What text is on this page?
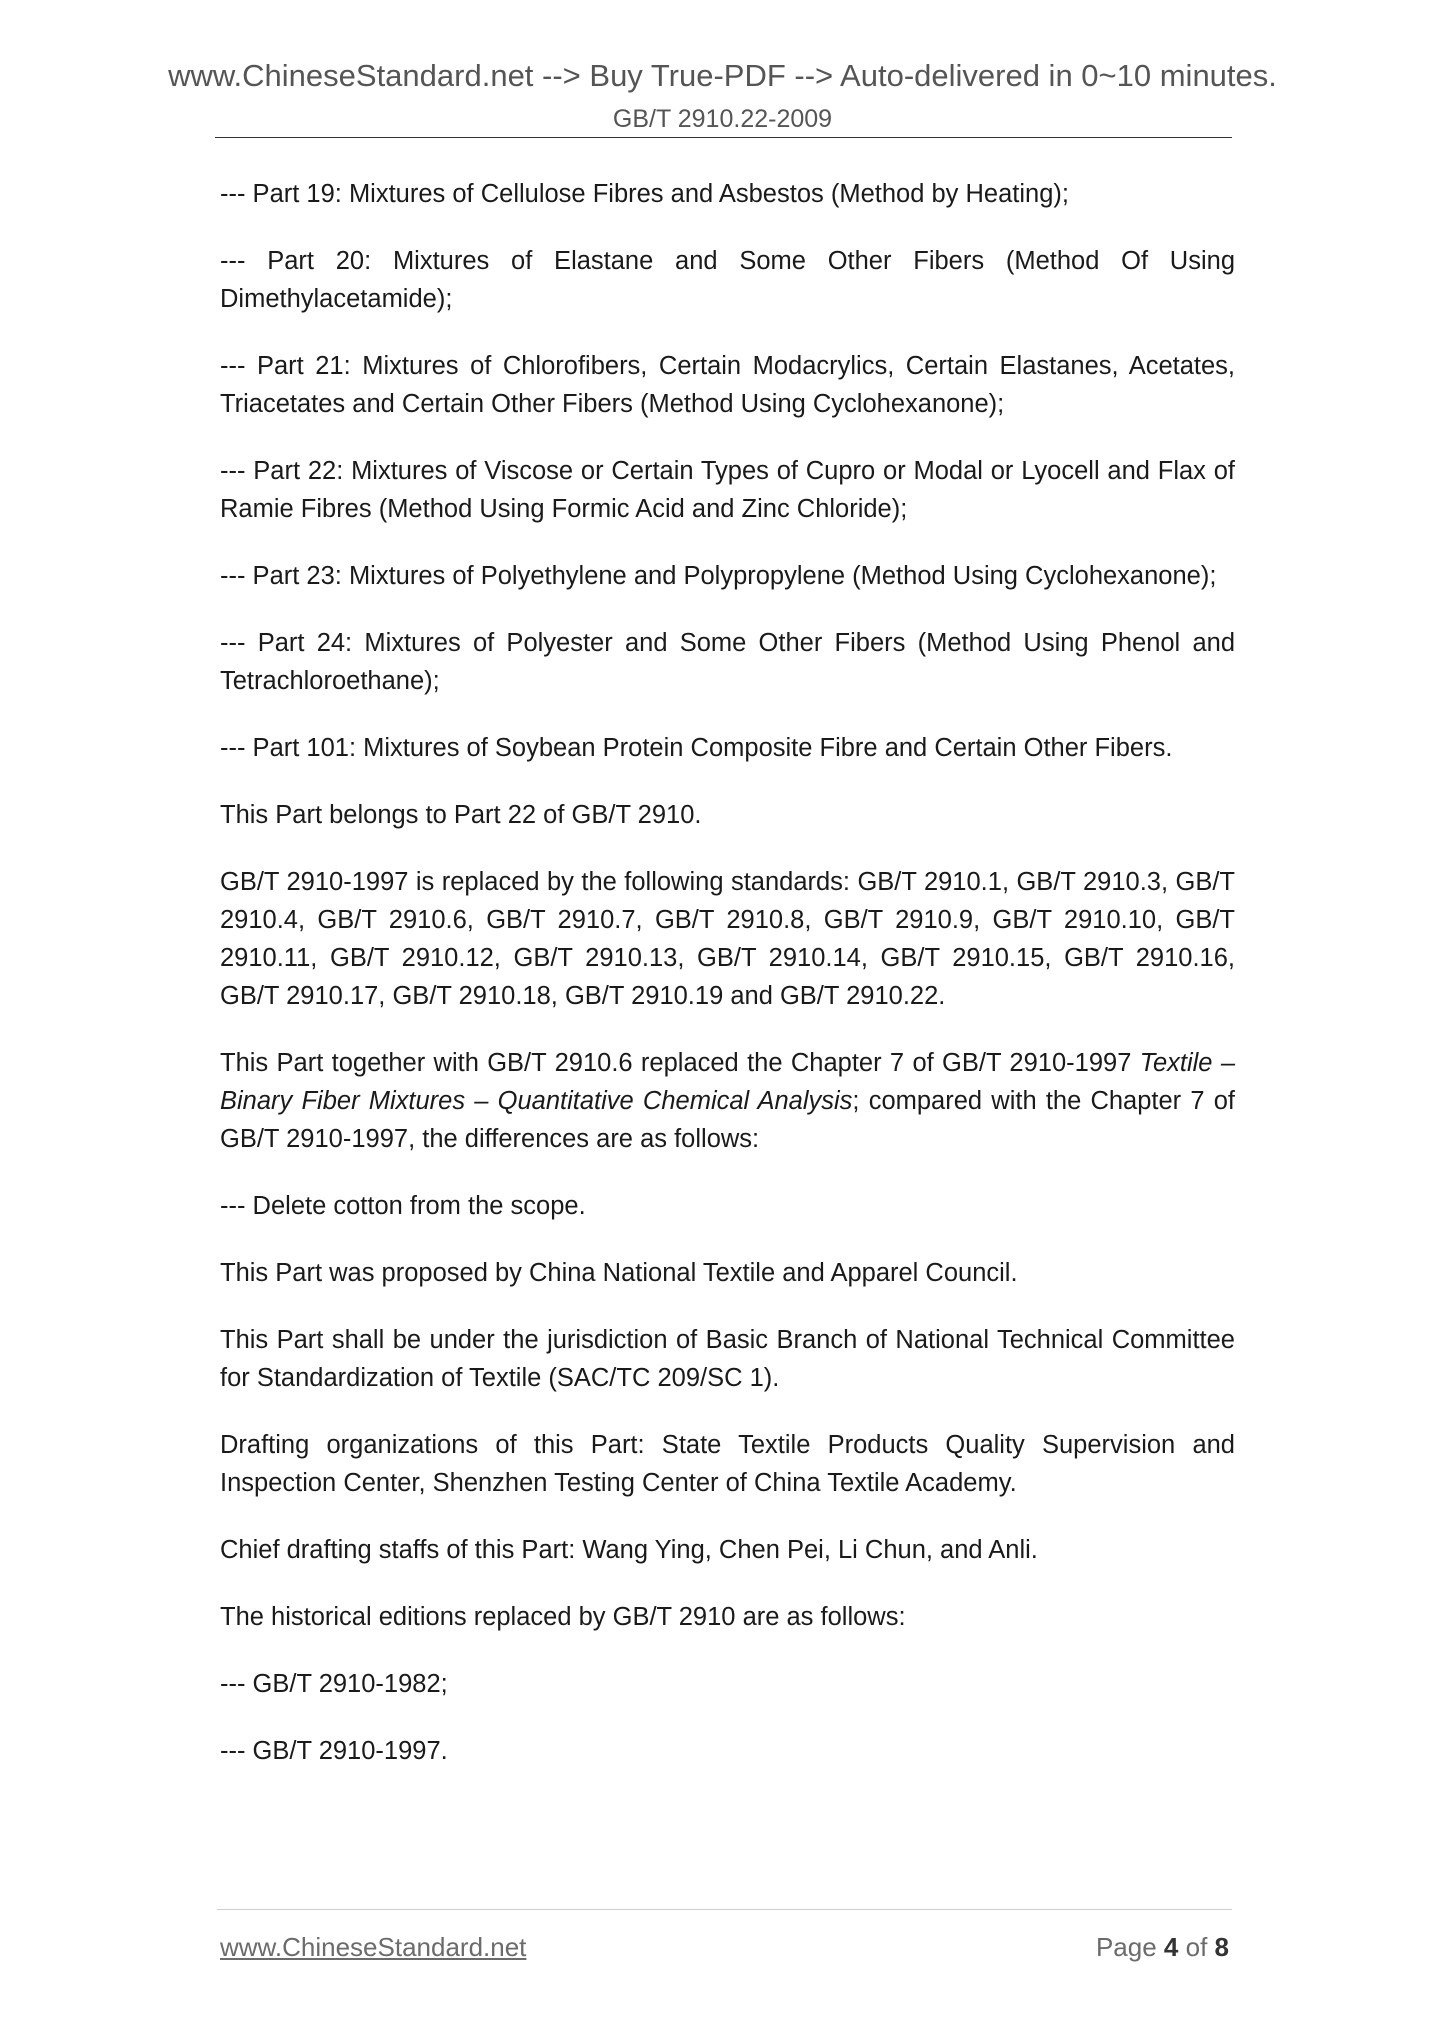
www.ChineseStandard.net --> Buy True-PDF --> Auto-delivered in 0~10 minutes.
GB/T 2910.22-2009

--- Part 19: Mixtures of Cellulose Fibres and Asbestos (Method by Heating);

--- Part 20: Mixtures of Elastane and Some Other Fibers (Method Of Using Dimethylacetamide);

--- Part 21: Mixtures of Chlorofibers, Certain Modacrylics, Certain Elastanes, Acetates, Triacetates and Certain Other Fibers (Method Using Cyclohexanone);

--- Part 22: Mixtures of Viscose or Certain Types of Cupro or Modal or Lyocell and Flax of Ramie Fibres (Method Using Formic Acid and Zinc Chloride);

--- Part 23: Mixtures of Polyethylene and Polypropylene (Method Using Cyclohexanone);

--- Part 24: Mixtures of Polyester and Some Other Fibers (Method Using Phenol and Tetrachloroethane);

--- Part 101: Mixtures of Soybean Protein Composite Fibre and Certain Other Fibers.

This Part belongs to Part 22 of GB/T 2910.

GB/T 2910-1997 is replaced by the following standards: GB/T 2910.1, GB/T 2910.3, GB/T 2910.4, GB/T 2910.6, GB/T 2910.7, GB/T 2910.8, GB/T 2910.9, GB/T 2910.10, GB/T 2910.11, GB/T 2910.12, GB/T 2910.13, GB/T 2910.14, GB/T 2910.15, GB/T 2910.16, GB/T 2910.17, GB/T 2910.18, GB/T 2910.19 and GB/T 2910.22.

This Part together with GB/T 2910.6 replaced the Chapter 7 of GB/T 2910-1997 Textile – Binary Fiber Mixtures – Quantitative Chemical Analysis; compared with the Chapter 7 of GB/T 2910-1997, the differences are as follows:

--- Delete cotton from the scope.

This Part was proposed by China National Textile and Apparel Council.

This Part shall be under the jurisdiction of Basic Branch of National Technical Committee for Standardization of Textile (SAC/TC 209/SC 1).

Drafting organizations of this Part: State Textile Products Quality Supervision and Inspection Center, Shenzhen Testing Center of China Textile Academy.

Chief drafting staffs of this Part: Wang Ying, Chen Pei, Li Chun, and Anli.

The historical editions replaced by GB/T 2910 are as follows:

--- GB/T 2910-1982;

--- GB/T 2910-1997.

www.ChineseStandard.net	Page 4 of 8
